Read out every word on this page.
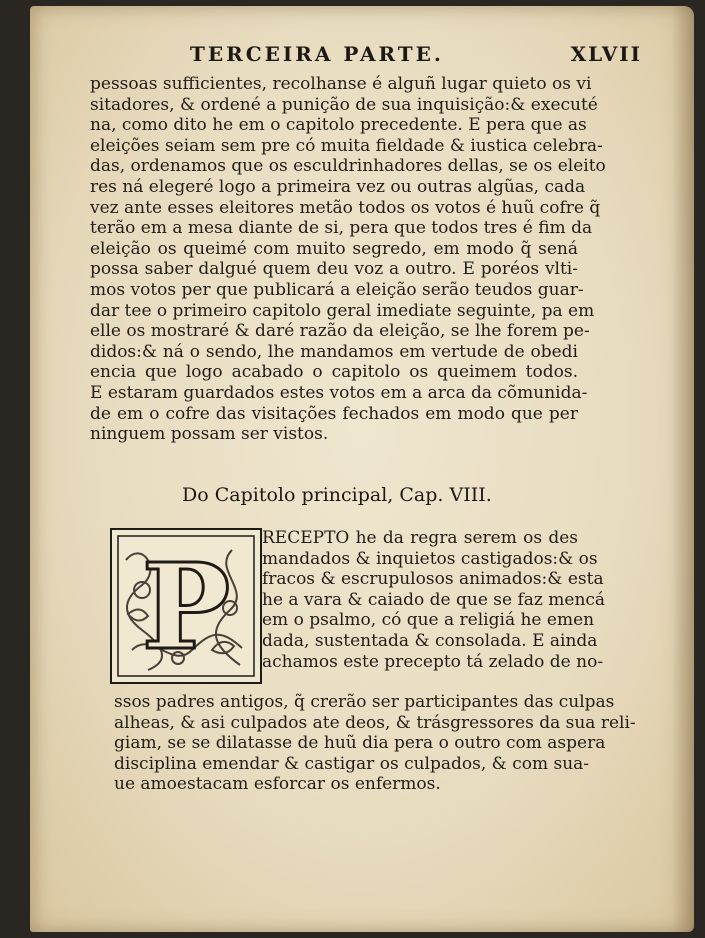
TERCEIRA PARTE.	XLVII
pessoas sufficientes, recolhanse é alguñ lugar quieto os vi
sitadores, & ordené a punição de sua inquisição:& executé
na, como dito he em o capitolo precedente. E pera que as
eleições seiam sem pre có muita fieldade & iustica celebra-
das, ordenamos que os esculdrinhadores dellas, se os eleito
res ná elegeré logo a primeira vez ou outras algũas, cada
vez ante esses eleitores metão todos os votos é huũ cofre q̃
terão em a mesa diante de si, pera que todos tres é fim da
eleição os queimé com muito segredo, em modo q̃ sená
possa saber dalgué quem deu voz a outro. E poréos vlti-
mos votos per que publicará a eleição serão teudos guar-
dar tee o primeiro capitolo geral imediate seguinte, pa em
elle os mostraré & daré razão da eleição, se lhe forem pe-
didos:& ná o sendo, lhe mandamos em vertude de obedi
encia que logo acabado o capitolo os queimem todos.
E estaram guardados estes votos em a arca da cõmunida-
de em o cofre das visitações fechados em modo que per
ninguem possam ser vistos.
Do Capitolo principal, Cap. VIII.
P RECEPTO he da regra serem os des
mandados & inquietos castigados:& os
fracos & escrupulosos animados:& esta
he a vara & caiado de que se faz mencá
em o psalmo, có que a religiá he emen
dada, sustentada & consolada. E ainda
achamos este precepto tá zelado de no-
ssos padres antigos, q̃ crerão ser participantes das culpas
alheas, & asi culpados ate deos, & trásgressores da sua reli-
giam, se se dilatasse de huũ dia pera o outro com aspera
disciplina emendar & castigar os culpados, & com sua-
ue amoestacam esforcar os enfermos.
